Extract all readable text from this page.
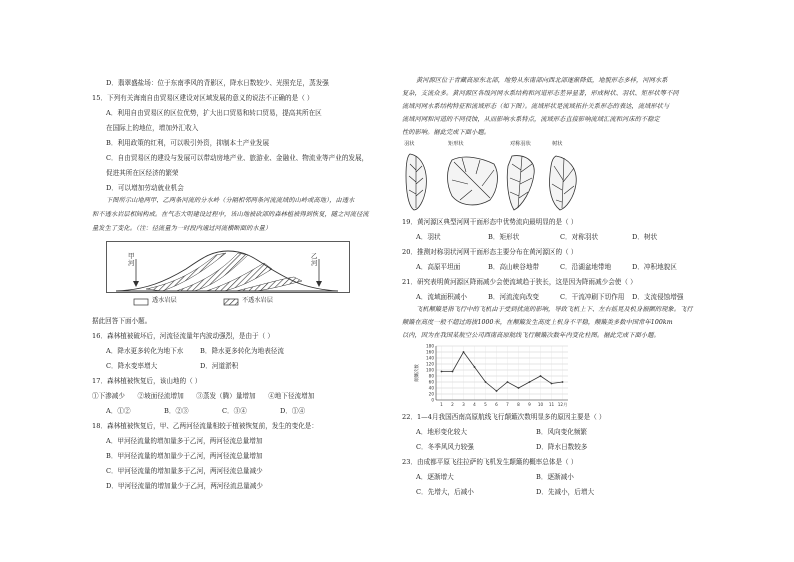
D．翡翠盛盐场：位于东南季风的背影区，降水日数较少、光照充足，蒸发强
15．下列有关海南自由贸易区建设对区域发展的意义的说法不正确的是（ ）
A．利用自由贸易区的区位优势，扩大出口贸易和转口贸易，提高其所在区
在国际上的地位，增加外汇收入
B．利用政策的红利，可以吸引外资，抑制本土产业发展
C．自由贸易区的建设与发展可以带动房地产业、旅游业、金融业、物流业等产业的发展，
促进其所在区经济的繁荣
D．可以增加劳动就业机会
下图所示山地两甲、乙两条河流的分水岭（分隔相邻两条河流流域的山岭或高地），由透水
和不透水岩层相间构成。在气态大明建设过程中，该山地被砍部的森林植被得到恢复，随之河流径流
量发生了变化。（注：径流量为一时段内通过河流横断面的水量）
甲
河
乙
河
透水岩层	不透水岩层
据此回答下面小题。
16．森林植被破坏后，河流径流量年内波动强烈，是由于（ ）
A．降水更多转化为地下水	B．降水更多转化为地表径流
C．降水变率增大	D．河道淤积
17．森林植被恢复后，该山地的（ ）
①下渗减少      ②坡面径流增加      ③蒸发（腾）量增加      ④地下径流增加
A．①②	B．②③	C．③④	D．①④
18．森林植被恢复后，甲、乙两河径流量相较于植被恢复前，发生的变化是：
A．甲河径流量的增加量多于乙河，两河径流总量增加
B．甲河径流量的增加量少于乙河，两河径流总量增加
C．甲河径流量的增加量多于乙河，两河径流总量减少
D．甲河径流量的增加量少于乙河，两河径流总量减少
黄河源区位于青藏高原东北部，地势从东南部向西北部逐渐降低，地貌形态多样，河网水系
复杂，支流众多。黄河源区各级河网水系结构和河道形态差异显著，形成树状、羽状、矩形状等不同
流域河网水系结构特征和流域形态（如下图）。流域形状是流域拓扑关系形态的表达，流域形状与
流域河网和河道的不同侵蚀，从而影响水系特点，流域形态直接影响流域汇流和河床的不稳定
性的影响。据此完成下面小题。
羽状	矩形状	对称羽状	树状
19．黄河源区典型河网干面形态中优势流向最明显的是（ ）
A．羽状	B．矩形状	C．对称羽状	D．树状
20．推测对称羽状河网干面形态主要分布在黄河源区的（ ）
A．高原平坦面	B．高山峡谷地带	C．沿湖盆地带地	D．冲积地貌区
21．研究表明黄河源区降雨减少会使流域趋于狭长，这是因为降雨减少会使（ ）
A．流域面积减小	B．河流流向改变	C．干流冲刷下切作用 D．支流侵蚀增强
飞机颠簸是指飞行中的飞机由于受到扰流的影响，导致飞机上下、左右摇晃及机身振颤的现象。飞行
颠簸在高度一般不超过海拔1000米，在颠簸发生高度上机身不平稳，颠簸类多数中国常年100km
以内，因为在我国某航空公司西南高原航线飞行颠簸次数年内变化柱图。据此完成下面小题。
0
20
40
60
80
100
120
140
160
180
1 2 3 4 5 6 7 8 9 10 11 12月
颠簸次数
22．1—4月我国西南高原航线飞行颠簸次数明显多的原因主要是（ ）
A．地形变化较大	B．风向变化频繁
C．冬季风风力较强	D．降水日数较多
23．由成都平原飞往拉萨的飞机发生颠簸的概率总体是（ ）
A．逐渐增大	B．逐渐减小
C．先增大，后减小	D．先减小，后增大
